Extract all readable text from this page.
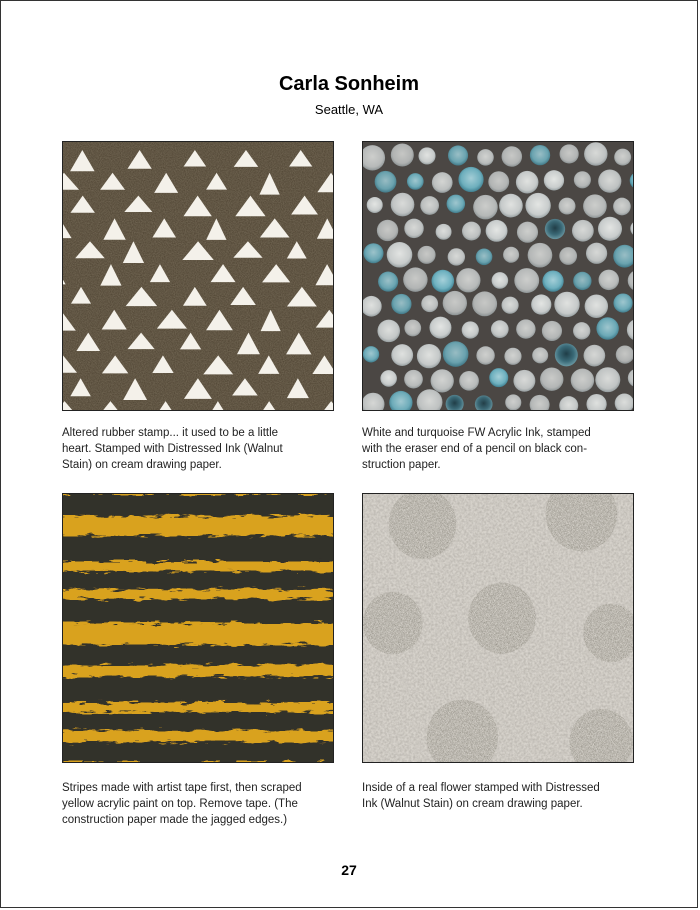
Carla Sonheim
Seattle, WA
Altered rubber stamp... it used to be a little
heart. Stamped with Distressed Ink (Walnut
Stain) on cream drawing paper.
White and turquoise FW Acrylic Ink, stamped
with the eraser end of a pencil on black con-
struction paper.
Stripes made with artist tape first, then scraped
yellow acrylic paint on top. Remove tape. (The
construction paper made the jagged edges.)
Inside of a real flower stamped with Distressed
Ink (Walnut Stain) on cream drawing paper.
27
